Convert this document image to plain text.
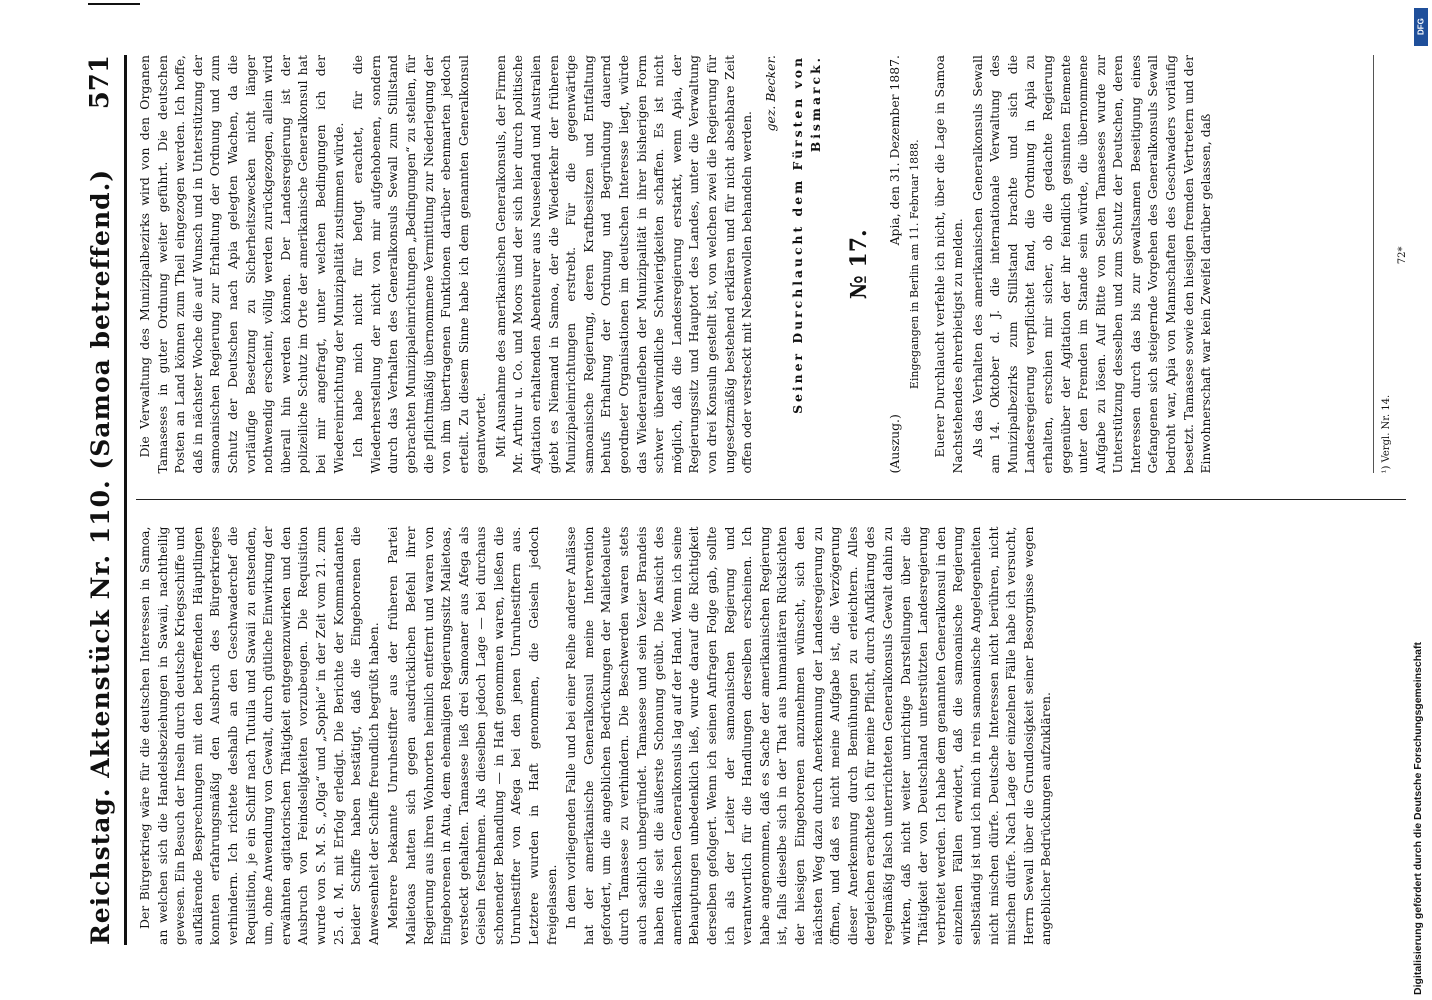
Reichstag. Aktenstück Nr. 110. (Samoa betreffend.)
571

Der Bürgerkrieg wäre für die deutschen Interessen in Samoa, an welchen sich die Handelsbeziehungen in Sawaii, nachtheilig gewesen. Ein Besuch der Inseln durch deutsche Kriegsschiffe und aufklärende Besprechungen mit den betreffenden Häuptlingen konnten erfahrungsmäßig den Ausbruch des Bürgerkrieges verhindern. Ich richtete deshalb an den Geschwaderchef die Requisition, je ein Schiff nach Tutuila und Sawaii zu entsenden, um, ohne Anwendung von Gewalt, durch gütliche Einwirkung der erwähnten agitatorischen Thätigkeit entgegenzuwirken und den Ausbruch von Feindseligkeiten vorzubeugen. Die Requisition wurde von S. M. S. „Olga“ und „Sophie“ in der Zeit vom 21. zum 25. d. M. mit Erfolg erledigt. Die Berichte der Kommandanten beider Schiffe haben bestätigt, daß die Eingeborenen die Anwesenheit der Schiffe freundlich begrüßt haben. Mehrere bekannte Unruhestifter aus der früheren Partei Malietoas hatten sich gegen ausdrücklichen Befehl ihrer Regierung aus ihren Wohnorten heimlich entfernt und waren von Eingeborenen in Atua, dem ehemaligen Regierungssitz Malietoas, versteckt gehalten. Tamasese ließ drei Samoaner aus Afega als Geiseln festnehmen. Als dieselben jedoch Lage — bei durchaus schonender Behandlung — in Haft genommen waren, ließen die Unruhestifter von Afega bei den jenen Unruhestiftern aus. Letztere wurden in Haft genommen, die Geiseln jedoch freigelassen. In dem vorliegenden Falle und bei einer Reihe anderer Anlässe hat der amerikanische Generalkonsul meine Intervention gefordert, um die angeblichen Bedrückungen der Malietoaleute durch Tamasese zu verhindern. Die Beschwerden waren stets auch sachlich unbegründet. Tamasese und sein Vezier Brandeis haben die seit die äußerste Schonung geübt. Die Ansicht des amerikanischen Generalkonsuls lag auf der Hand. Wenn ich seine Behauptungen unbedenklich ließ, wurde darauf die Richtigkeit derselben gefolgert. Wenn ich seinen Anfragen Folge gab, sollte ich als der Leiter der samoanischen Regierung und verantwortlich für die Handlungen derselben erscheinen. Ich habe angenommen, daß es Sache der amerikanischen Regierung ist, falls dieselbe sich in der That aus humanitären Rücksichten der hiesigen Eingeborenen anzunehmen wünscht, sich den nächsten Weg dazu durch Anerkennung der Landesregierung zu öffnen, und daß es nicht meine Aufgabe ist, die Verzögerung dieser Anerkennung durch Bemühungen zu erleichtern. Alles dergleichen erachtete ich für meine Pflicht, durch Aufklärung des regelmäßig falsch unterrichteten Generalkonsuls Gewalt dahin zu wirken, daß nicht weiter unrichtige Darstellungen über die Thätigkeit der von Deutschland unterstützten Landesregierung verbreitet werden. Ich habe dem genannten Generalkonsul in den einzelnen Fällen erwidert, daß die samoanische Regierung selbständig ist und ich mich in rein samoanische Angelegenheiten nicht mischen dürfe. Deutsche Interessen nicht berühren, nicht mischen dürfe. Nach Lage der einzelnen Fälle habe ich versucht, Herrn Sewall über die Grundlosigkeit seiner Besorgnisse wegen angeblicher Bedrückungen aufzuklären.

Die Verwaltung des Munizipalbezirks wird von den Organen Tamaseses in guter Ordnung weiter geführt. Die deutschen Posten an Land können zum Theil eingezogen werden. Ich hoffe, daß in nächster Woche die auf Wunsch und in Unterstützung der samoanischen Regierung zur Erhaltung der Ordnung und zum Schutz der Deutschen nach Apia gelegten Wachen, da die vorläufige Besetzung zu Sicherheitszwecken nicht länger nothwendig erscheint, völlig werden zurückgezogen, allein wird überall hin werden können. Der Landesregierung ist der polizeiliche Schutz im Orte der amerikanische Generalkonsul hat bei mir angefragt, unter welchen Bedingungen ich der Wiedereinrichtung der Munizipalität zustimmen würde. Ich habe mich nicht für befugt erachtet, für die Wiederherstellung der nicht von mir aufgehobenen, sondern durch das Verhalten des Generalkonsuls Sewall zum Stillstand gebrachten Munizipaleinrichtungen „Bedingungen“ zu stellen, für die pflichtmäßig übernommene Vermittlung zur Niederlegung der von ihm übertragenen Funktionen darüber ebenmarten jedoch erteilt. Zu diesem Sinne habe ich dem genannten Generalkonsul geantwortet. Mit Ausnahme des amerikanischen Generalkonsuls, der Firmen Mr. Arthur u. Co. und Moors und der sich hier durch politische Agitation erhaltenden Abenteurer aus Neuseeland und Australien giebt es Niemand in Samoa, der die Wiederkehr der früheren Munizipaleinrichtungen erstrebt. Für die gegenwärtige samoanische Regierung, deren Kraftbesitzen und Entfaltung behufs Erhaltung der Ordnung und Begründung dauernd geordneter Organisationen im deutschen Interesse liegt, würde das Wiederaufleben der Munizipalität in ihrer bisherigen Form schwer überwindliche Schwierigkeiten schaffen. Es ist nicht möglich, daß die Landesregierung erstarkt, wenn Apia, der Regierungssitz und Hauptort des Landes, unter die Verwaltung von drei Konsuln gestellt ist, von welchen zwei die Regierung für ungesetzmäßig bestehend erklären und für nicht absehbare Zeit offen oder versteckt mit Nebenwollen behandeln werden.

gez. Becker. Seiner Durchlaucht dem Fürsten von Bismarck.
№ 17.
(Auszug.)
Apia, den 31. Dezember 1887. Eingegangen in Berlin am 11. Februar 1888. Euerer Durchlaucht verfehle ich nicht, über die Lage in Samoa Nachstehendes ehrerbietigst zu melden. Als das Verhalten des amerikanischen Generalkonsuls Sewall am 14. Oktober d. J. die internationale Verwaltung des Munizipalbezirks zum Stillstand brachte und sich die Landesregierung verpflichtet fand, die Ordnung in Apia zu erhalten, erschien mir sicher, ob die gedachte Regierung gegenüber der Agitation der ihr feindlich gesinnten Elemente unter den Fremden im Stande sein würde, die übernommene Aufgabe zu lösen. Auf Bitte von Seiten Tamaseses wurde zur Unterstützung desselben und zum Schutz der Deutschen, deren Interessen durch das bis zur gewaltsamen Beseitigung eines Gefangenen sich steigernde Vorgehen des Generalkonsuls Sewall bedroht war, Apia von Mannschaften des Geschwaders vorläufig besetzt. Tamasese sowie den hiesigen fremden Vertretern und der Einwohnerschaft war kein Zweifel darüber gelassen, daß	¹) Vergl. Nr. 14.
72*
DFG
Digitalisierung gefördert durch die Deutsche Forschungsgemeinschaft
